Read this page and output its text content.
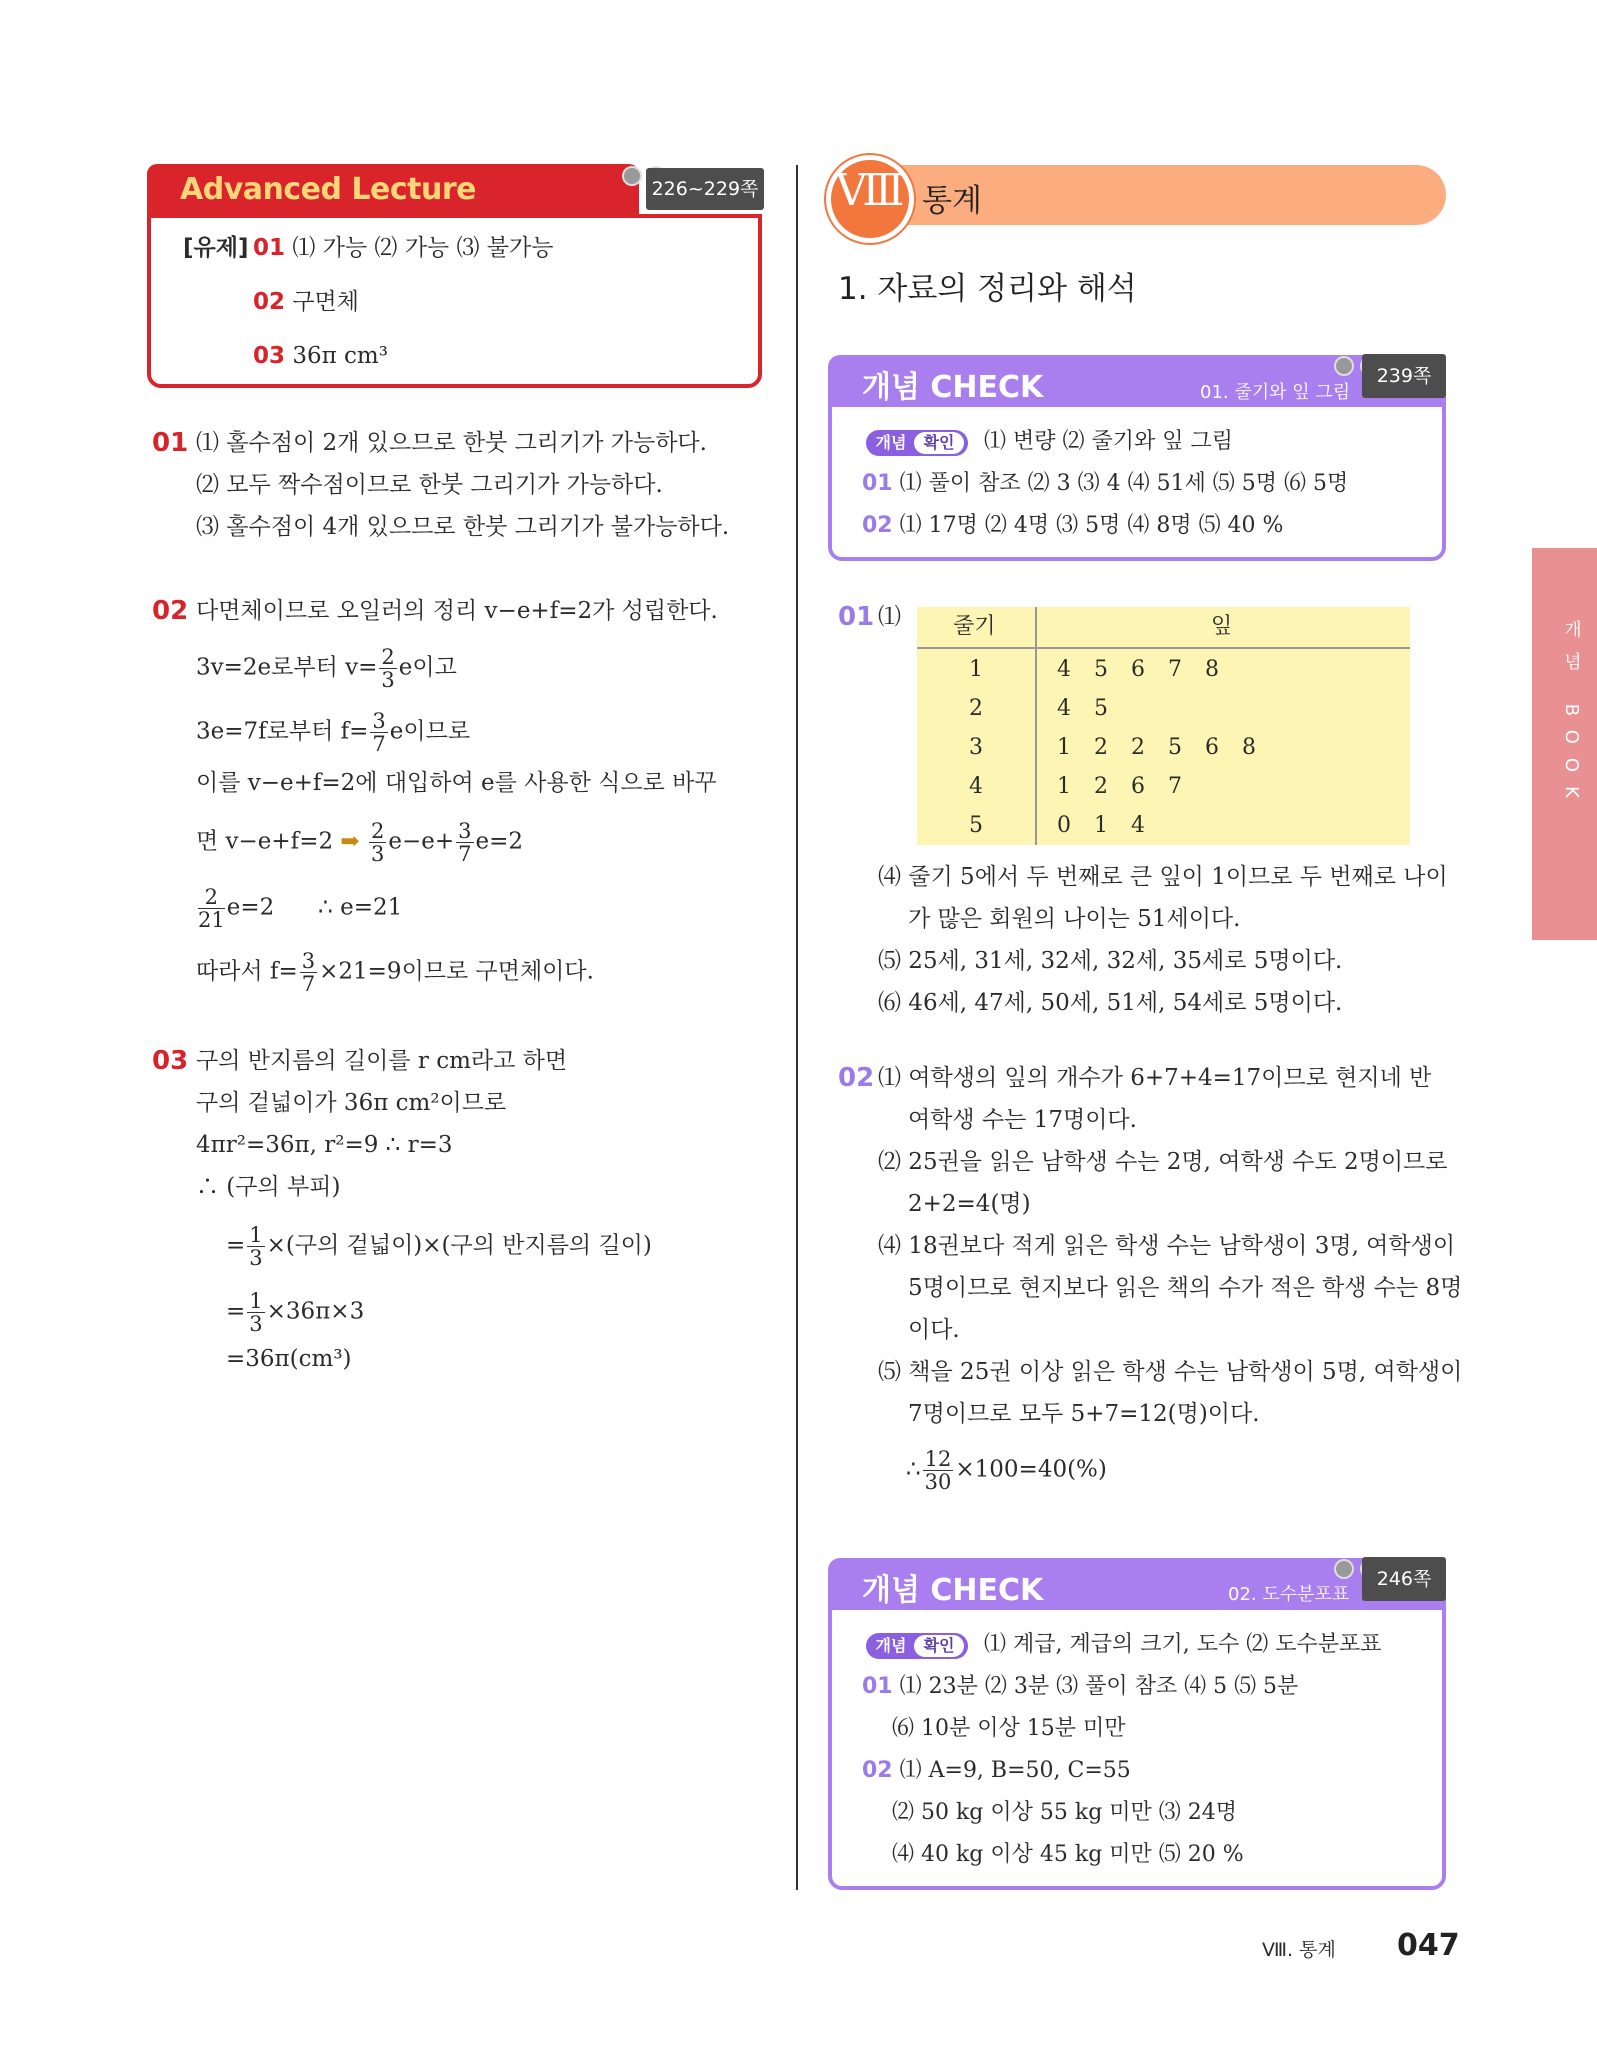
Advanced Lecture	226~229쪽
[유제] 01 ⑴ 가능 ⑵ 가능 ⑶ 불가능
02 구면체
03 36π cm³
01 ⑴ 홀수점이 2개 있으므로 한붓 그리기가 가능하다.
⑵ 모두 짝수점이므로 한붓 그리기가 가능하다.
⑶ 홀수점이 4개 있으므로 한붓 그리기가 불가능하다.
02 다면체이므로 오일러의 정리 v−e+f=2가 성립한다.
3v=2e로부터 $v= \frac{2}{3}$ e이고
3e=7f로부터 $f= \frac{3}{7}$ e이므로
이를 v−e+f=2에 대입하여 e를 사용한 식으로 바꾸
면 v−e+f=2 ➡ $\frac{2}{3} e-e+ \frac{3}{7} e=2$
$\frac{2}{21} e=2$ ∴ e=21
따라서 $f= \frac{3}{7} \times 21=9$이므로 구면체이다.
03 구의 반지름의 길이를 r cm라고 하면
구의 겉넓이가 36π cm²이므로
4πr²=36π, r²=9 ∴ r=3
∴ (구의 부피)
= $\frac{1}{3}$ ×(구의 겉넓이)×(구의 반지름의 길이)
= $\frac{1}{3} \times 36\pi\times 3$
=36π(cm³)
Ⅷ 통계
1. 자료의 정리와 해석
개념 CHECK	01. 줄기와 잎 그림
239쪽
개념	확인	⑴ 변량 ⑵ 줄기와 잎 그림
01 ⑴ 풀이 참조 ⑵ 3 ⑶ 4 ⑷ 51세 ⑸ 5명 ⑹ 5명
02 ⑴ 17명 ⑵ 4명 ⑶ 5명 ⑷ 8명 ⑸ 40 %
01 ⑴ 줄기	잎
1	4 5 6 7 8
2	4 5
3	1 2 2 5 6 8
4	1 2 6 7
5	0 1 4
⑷ 줄기 5에서 두 번째로 큰 잎이 1이므로 두 번째로 나이
가 많은 회원의 나이는 51세이다.
⑸ 25세, 31세, 32세, 32세, 35세로 5명이다.
⑹ 46세, 47세, 50세, 51세, 54세로 5명이다.
02 ⑴ 여학생의 잎의 개수가 6+7+4=17이므로 현지네 반
여학생 수는 17명이다.
⑵ 25권을 읽은 남학생 수는 2명, 여학생 수도 2명이므로
2+2=4(명)
⑷ 18권보다 적게 읽은 학생 수는 남학생이 3명, 여학생이
5명이므로 현지보다 읽은 책의 수가 적은 학생 수는 8명
이다.
⑸ 책을 25권 이상 읽은 학생 수는 남학생이 5명, 여학생이
7명이므로 모두 5+7=12(명)이다.
∴ $\frac{12}{30} \times 100=40(\%)$
개념 CHECK	02. 도수분포표
246쪽
개념	확인	⑴ 계급, 계급의 크기, 도수 ⑵ 도수분포표
01 ⑴ 23분 ⑵ 3분 ⑶ 풀이 참조 ⑷ 5 ⑸ 5분
⑹ 10분 이상 15분 미만
02 ⑴ A=9, B=50, C=55
⑵ 50 kg 이상 55 kg 미만 ⑶ 24명
⑷ 40 kg 이상 45 kg 미만 ⑸ 20 %
개념 BOOK
Ⅷ. 통계 047
